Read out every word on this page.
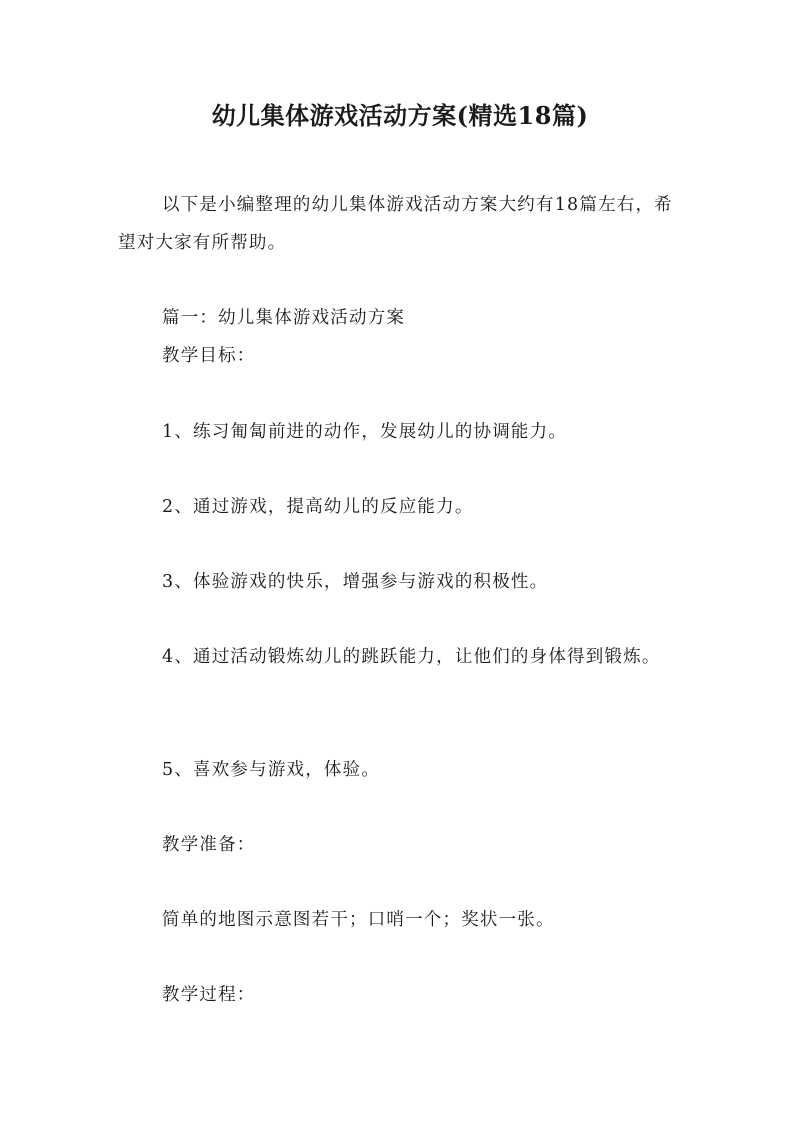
幼儿集体游戏活动方案(精选18篇)

以下是小编整理的幼儿集体游戏活动方案大约有18篇左右，希望对大家有所帮助。

篇一：幼儿集体游戏活动方案

教学目标：

1、练习匍匐前进的动作，发展幼儿的协调能力。

2、通过游戏，提高幼儿的反应能力。

3、体验游戏的快乐，增强参与游戏的积极性。

4、通过活动锻炼幼儿的跳跃能力，让他们的身体得到锻炼。

5、喜欢参与游戏，体验。

教学准备：

简单的地图示意图若干；口哨一个；奖状一张。

教学过程：
